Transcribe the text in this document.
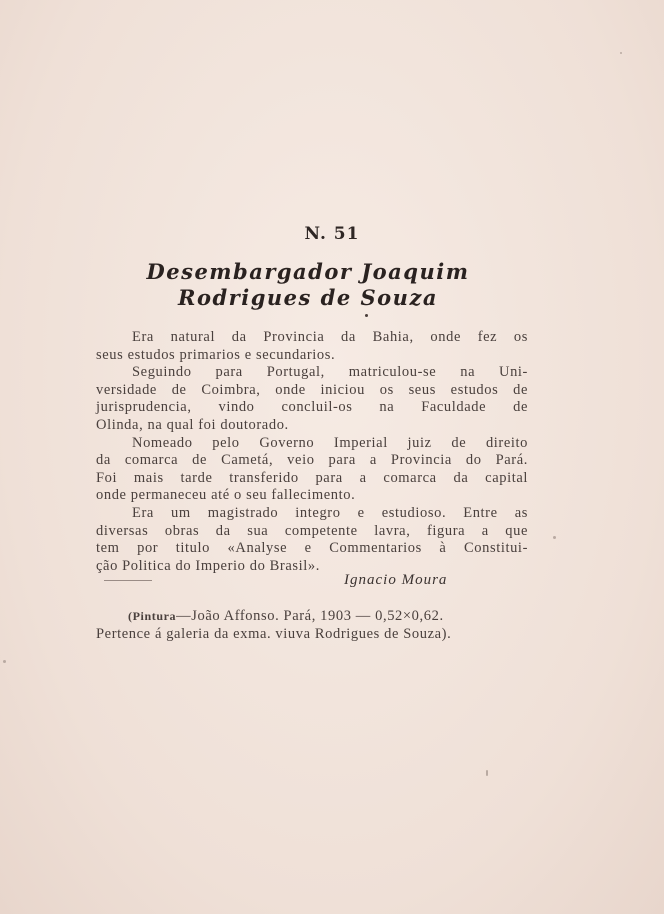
N. 51
Desembargador Joaquim
Rodrigues de Souza
Era natural da Provincia da Bahia, onde fez os
seus estudos primarios e secundarios.
Seguindo para Portugal, matriculou-se na Uni-
versidade de Coimbra, onde iniciou os seus estudos de
jurisprudencia, vindo concluil-os na Faculdade de
Olinda, na qual foi doutorado.
Nomeado pelo Governo Imperial juiz de direito
da comarca de Cametá, veio para a Provincia do Pará.
Foi mais tarde transferido para a comarca da capital
onde permaneceu até o seu fallecimento.
Era um magistrado integro e estudioso. Entre as
diversas obras da sua competente lavra, figura a que
tem por titulo «Analyse e Commentarios à Constitui-
ção Politica do Imperio do Brasil».
Ignacio Moura
(Pintura—João Affonso. Pará, 1903 — 0,52×0,62.
Pertence á galeria da exma. viuva Rodrigues de Souza).
